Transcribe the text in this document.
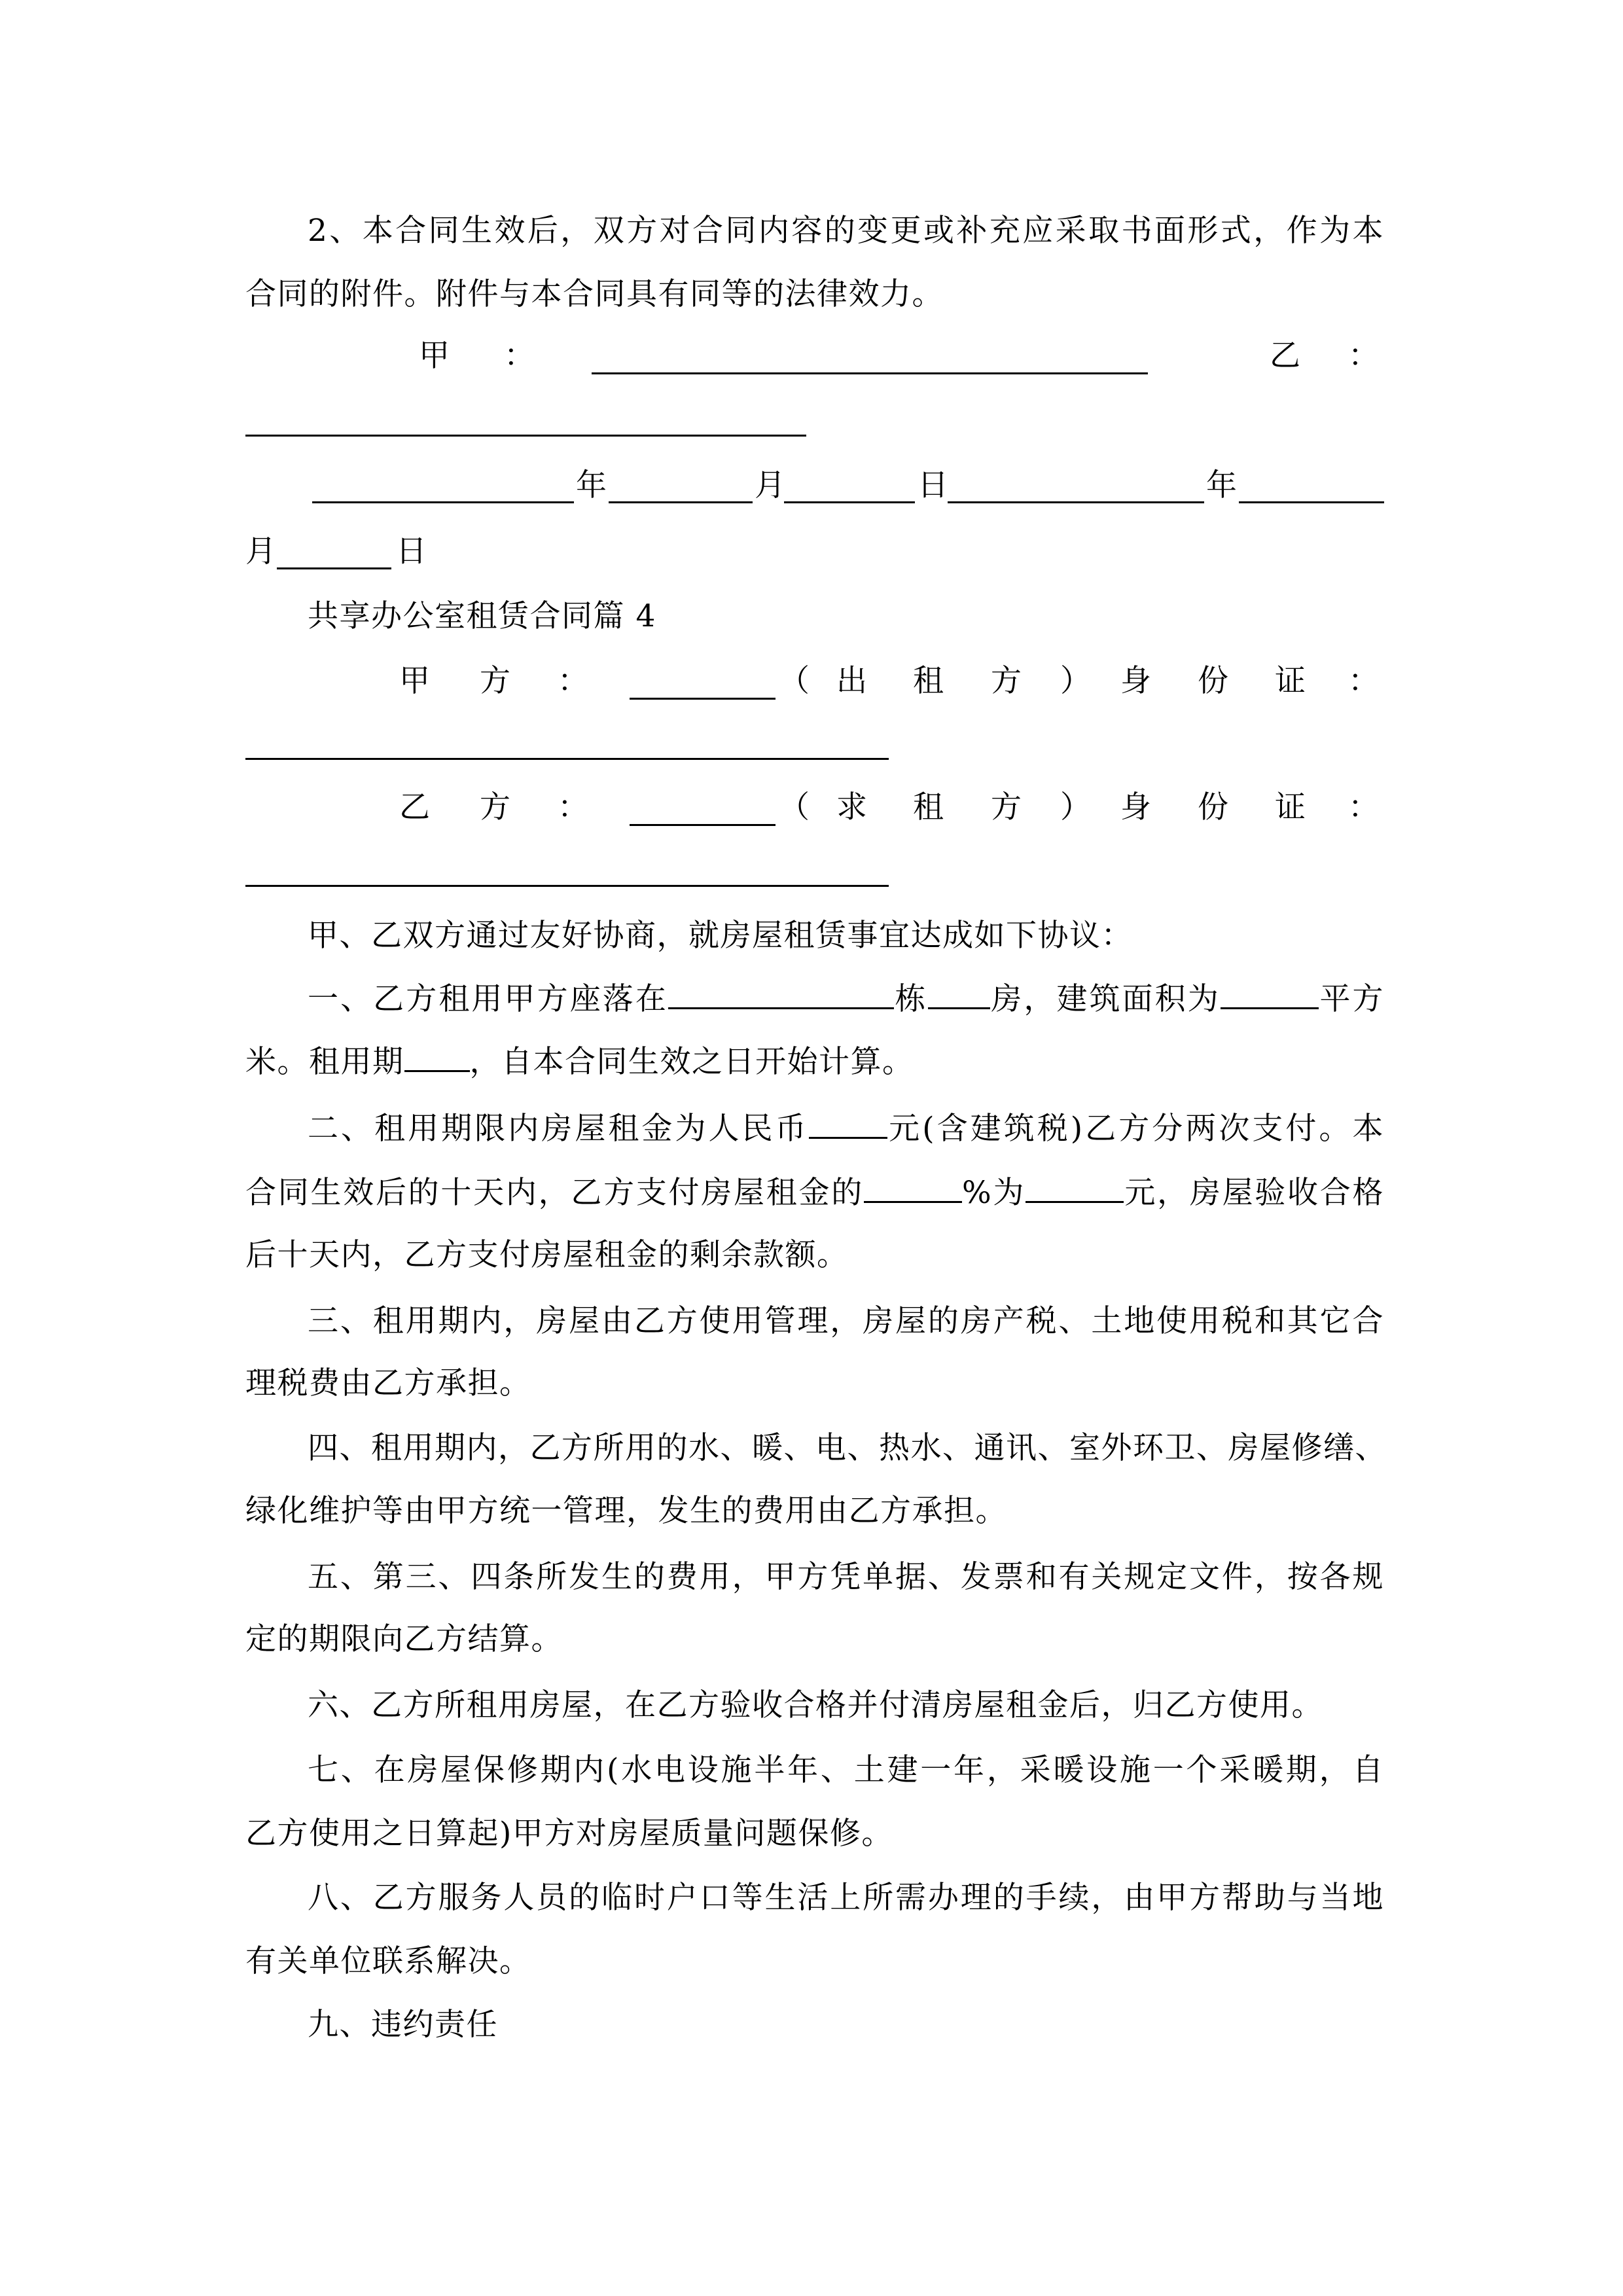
2、本合同生效后，双方对合同内容的变更或补充应采取书面形式，作为本
合同的附件。附件与本合同具有同等的法律效力。
甲 ：	乙 ：
年	月	日	年
月	日
共享办公室租赁合同篇 4
甲 方 ：	（ 出 租 方 ） 身 份 证 ：
乙 方 ：	（ 求 租 方 ） 身 份 证 ：
甲、乙双方通过友好协商，就房屋租赁事宜达成如下协议：
一、乙方租用甲方座落在	栋 房，建筑面积为	平方
米。租用期 ，自本合同生效之日开始计算。
二、租用期限内房屋租金为人民币	元(含建筑税)乙方分两次支付。本
合同生效后的十天内，乙方支付房屋租金的	%为	元，房屋验收合格
后十天内，乙方支付房屋租金的剩余款额。
三、租用期内，房屋由乙方使用管理，房屋的房产税、土地使用税和其它合
理税费由乙方承担。
四、租用期内，乙方所用的水、暖、电、热水、通讯、室外环卫、房屋修缮、
绿化维护等由甲方统一管理，发生的费用由乙方承担。
五、第三、四条所发生的费用，甲方凭单据、发票和有关规定文件，按各规
定的期限向乙方结算。
六、乙方所租用房屋，在乙方验收合格并付清房屋租金后，归乙方使用。
七、在房屋保修期内(水电设施半年、土建一年，采暖设施一个采暖期，自
乙方使用之日算起)甲方对房屋质量问题保修。
八、乙方服务人员的临时户口等生活上所需办理的手续，由甲方帮助与当地
有关单位联系解决。
九、违约责任
